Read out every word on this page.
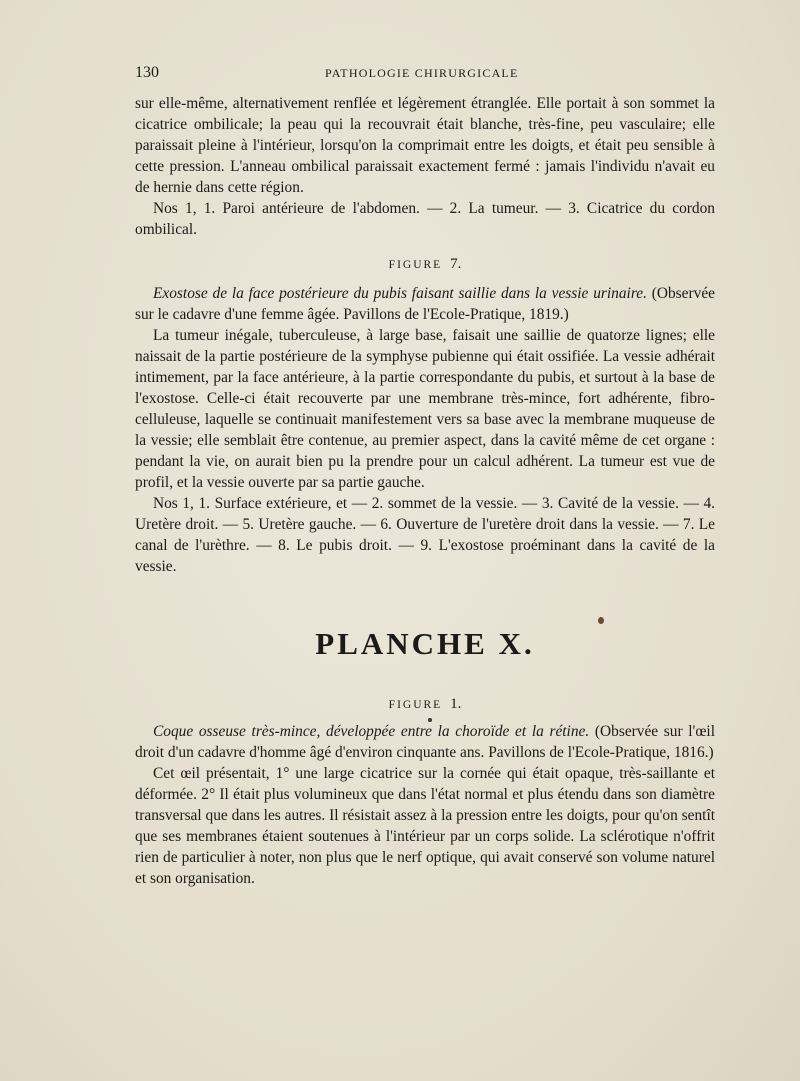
130	PATHOLOGIE CHIRURGICALE

sur elle-même, alternativement renflée et légèrement étranglée. Elle portait à son sommet la cicatrice ombilicale; la peau qui la recouvrait était blanche, très-fine, peu vasculaire; elle paraissait pleine à l'intérieur, lorsqu'on la comprimait entre les doigts, et était peu sensible à cette pression. L'anneau ombilical paraissait exactement fermé : jamais l'individu n'avait eu de hernie dans cette région.

Nos 1, 1. Paroi antérieure de l'abdomen. — 2. La tumeur. — 3. Cicatrice du cordon ombilical.

FIGURE 7.

Exostose de la face postérieure du pubis faisant saillie dans la vessie urinaire. (Observée sur le cadavre d'une femme âgée. Pavillons de l'Ecole-Pratique, 1819.)

La tumeur inégale, tuberculeuse, à large base, faisait une saillie de quatorze lignes; elle naissait de la partie postérieure de la symphyse pubienne qui était ossifiée. La vessie adhérait intimement, par la face antérieure, à la partie correspondante du pubis, et surtout à la base de l'exostose. Celle-ci était recouverte par une membrane très-mince, fort adhérente, fibro-celluleuse, laquelle se continuait manifestement vers sa base avec la membrane muqueuse de la vessie; elle semblait être contenue, au premier aspect, dans la cavité même de cet organe : pendant la vie, on aurait bien pu la prendre pour un calcul adhérent. La tumeur est vue de profil, et la vessie ouverte par sa partie gauche.

Nos 1, 1. Surface extérieure, et — 2. sommet de la vessie. — 3. Cavité de la vessie. — 4. Uretère droit. — 5. Uretère gauche. — 6. Ouverture de l'uretère droit dans la vessie. — 7. Le canal de l'urèthre. — 8. Le pubis droit. — 9. L'exostose proéminant dans la cavité de la vessie.

PLANCHE X.
FIGURE 1.

Coque osseuse très-mince, développée entre la choroïde et la rétine. (Observée sur l'œil droit d'un cadavre d'homme âgé d'environ cinquante ans. Pavillons de l'Ecole-Pratique, 1816.)

Cet œil présentait, 1° une large cicatrice sur la cornée qui était opaque, très-saillante et déformée. 2° Il était plus volumineux que dans l'état normal et plus étendu dans son diamètre transversal que dans les autres. Il résistait assez à la pression entre les doigts, pour qu'on sentît que ses membranes étaient soutenues à l'intérieur par un corps solide. La sclérotique n'offrit rien de particulier à noter, non plus que le nerf optique, qui avait conservé son volume naturel et son organisation.
